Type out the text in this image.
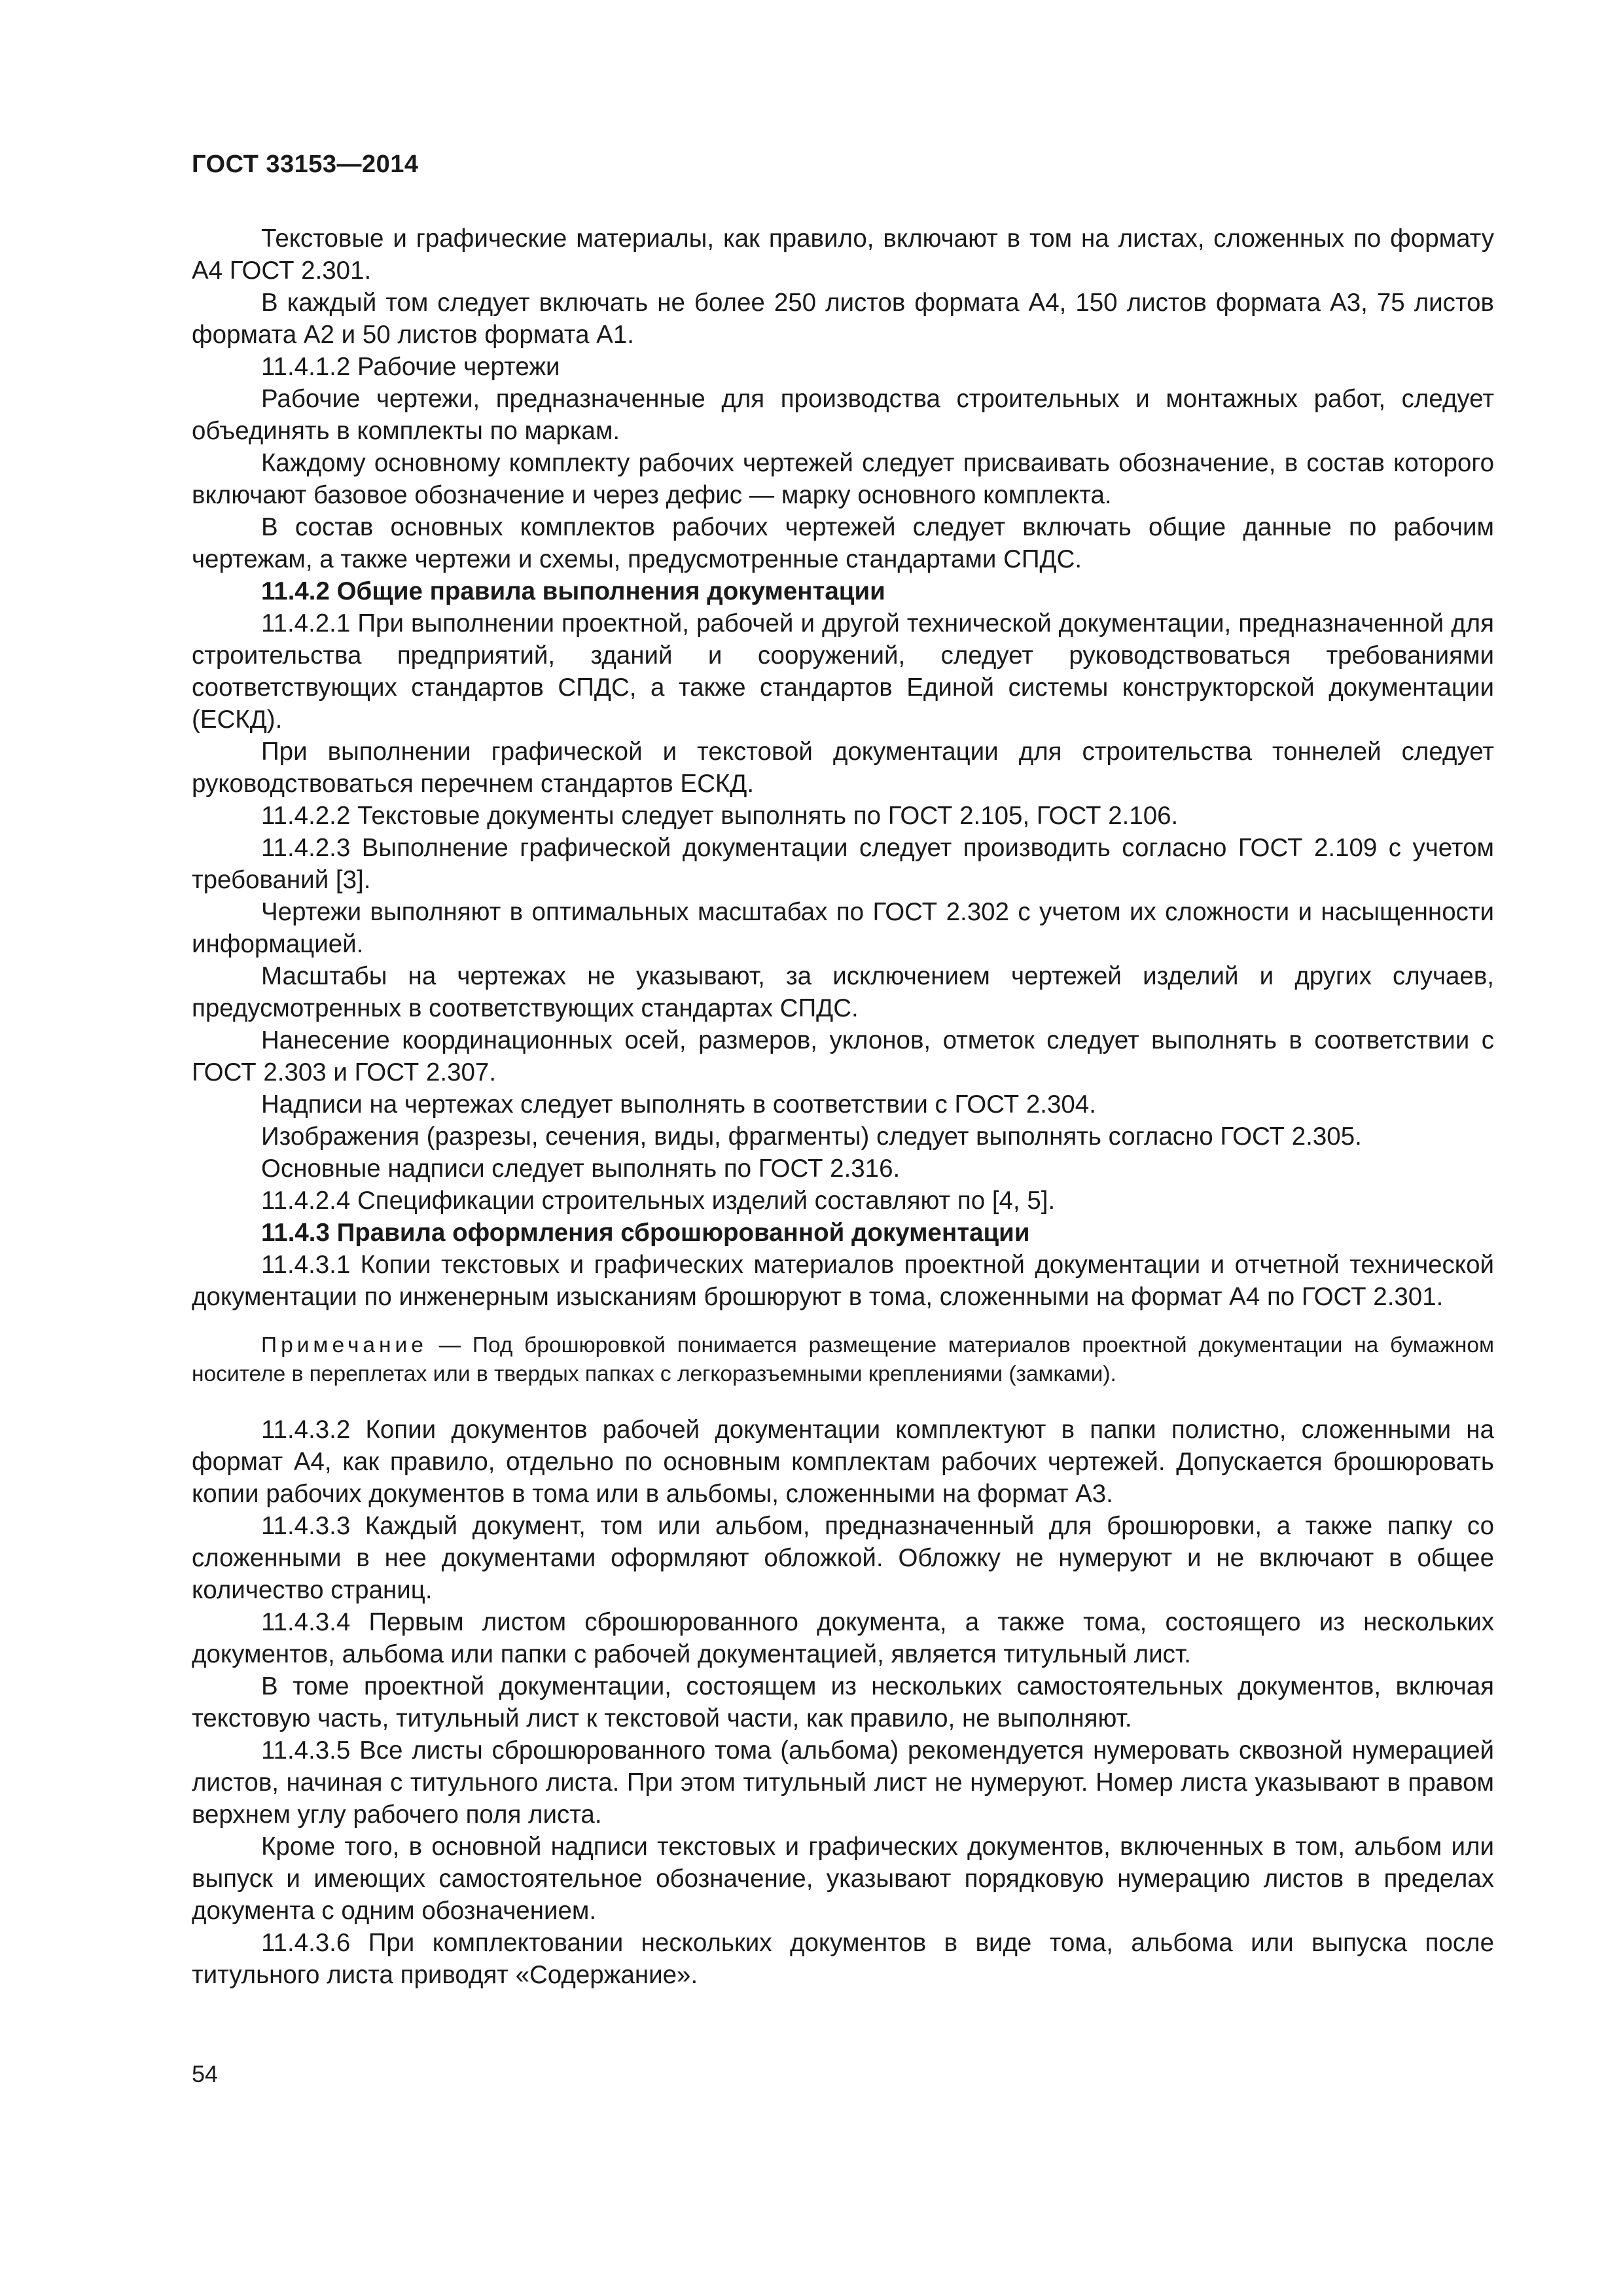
ГОСТ 33153—2014

Текстовые и графические материалы, как правило, включают в том на листах, сложенных по формату А4 ГОСТ 2.301.

В каждый том следует включать не более 250 листов формата А4, 150 листов формата А3, 75 листов формата А2 и 50 листов формата А1.

11.4.1.2 Рабочие чертежи

Рабочие чертежи, предназначенные для производства строительных и монтажных работ, следует объединять в комплекты по маркам.

Каждому основному комплекту рабочих чертежей следует присваивать обозначение, в состав которого включают базовое обозначение и через дефис — марку основного комплекта.

В состав основных комплектов рабочих чертежей следует включать общие данные по рабочим чертежам, а также чертежи и схемы, предусмотренные стандартами СПДС.

11.4.2 Общие правила выполнения документации

11.4.2.1 При выполнении проектной, рабочей и другой технической документации, предназначенной для строительства предприятий, зданий и сооружений, следует руководствоваться требованиями соответствующих стандартов СПДС, а также стандартов Единой системы конструкторской документации (ЕСКД).

При выполнении графической и текстовой документации для строительства тоннелей следует руководствоваться перечнем стандартов ЕСКД.

11.4.2.2 Текстовые документы следует выполнять по ГОСТ 2.105, ГОСТ 2.106.

11.4.2.3 Выполнение графической документации следует производить согласно ГОСТ 2.109 с учетом требований [3].

Чертежи выполняют в оптимальных масштабах по ГОСТ 2.302 с учетом их сложности и насыщенности информацией.

Масштабы на чертежах не указывают, за исключением чертежей изделий и других случаев, предусмотренных в соответствующих стандартах СПДС.

Нанесение координационных осей, размеров, уклонов, отметок следует выполнять в соответствии с ГОСТ 2.303 и ГОСТ 2.307.

Надписи на чертежах следует выполнять в соответствии с ГОСТ 2.304.

Изображения (разрезы, сечения, виды, фрагменты) следует выполнять согласно ГОСТ 2.305.

Основные надписи следует выполнять по ГОСТ 2.316.

11.4.2.4 Спецификации строительных изделий составляют по [4, 5].

11.4.3 Правила оформления сброшюрованной документации

11.4.3.1 Копии текстовых и графических материалов проектной документации и отчетной технической документации по инженерным изысканиям брошюруют в тома, сложенными на формат А4 по ГОСТ 2.301.

Примечание — Под брошюровкой понимается размещение материалов проектной документации на бумажном носителе в переплетах или в твердых папках с легкоразъемными креплениями (замками).

11.4.3.2 Копии документов рабочей документации комплектуют в папки полистно, сложенными на формат А4, как правило, отдельно по основным комплектам рабочих чертежей. Допускается брошюровать копии рабочих документов в тома или в альбомы, сложенными на формат А3.

11.4.3.3 Каждый документ, том или альбом, предназначенный для брошюровки, а также папку со сложенными в нее документами оформляют обложкой. Обложку не нумеруют и не включают в общее количество страниц.

11.4.3.4 Первым листом сброшюрованного документа, а также тома, состоящего из нескольких документов, альбома или папки с рабочей документацией, является титульный лист.

В томе проектной документации, состоящем из нескольких самостоятельных документов, включая текстовую часть, титульный лист к текстовой части, как правило, не выполняют.

11.4.3.5 Все листы сброшюрованного тома (альбома) рекомендуется нумеровать сквозной нумерацией листов, начиная с титульного листа. При этом титульный лист не нумеруют. Номер листа указывают в правом верхнем углу рабочего поля листа.

Кроме того, в основной надписи текстовых и графических документов, включенных в том, альбом или выпуск и имеющих самостоятельное обозначение, указывают порядковую нумерацию листов в пределах документа с одним обозначением.

11.4.3.6 При комплектовании нескольких документов в виде тома, альбома или выпуска после титульного листа приводят «Содержание».

54
